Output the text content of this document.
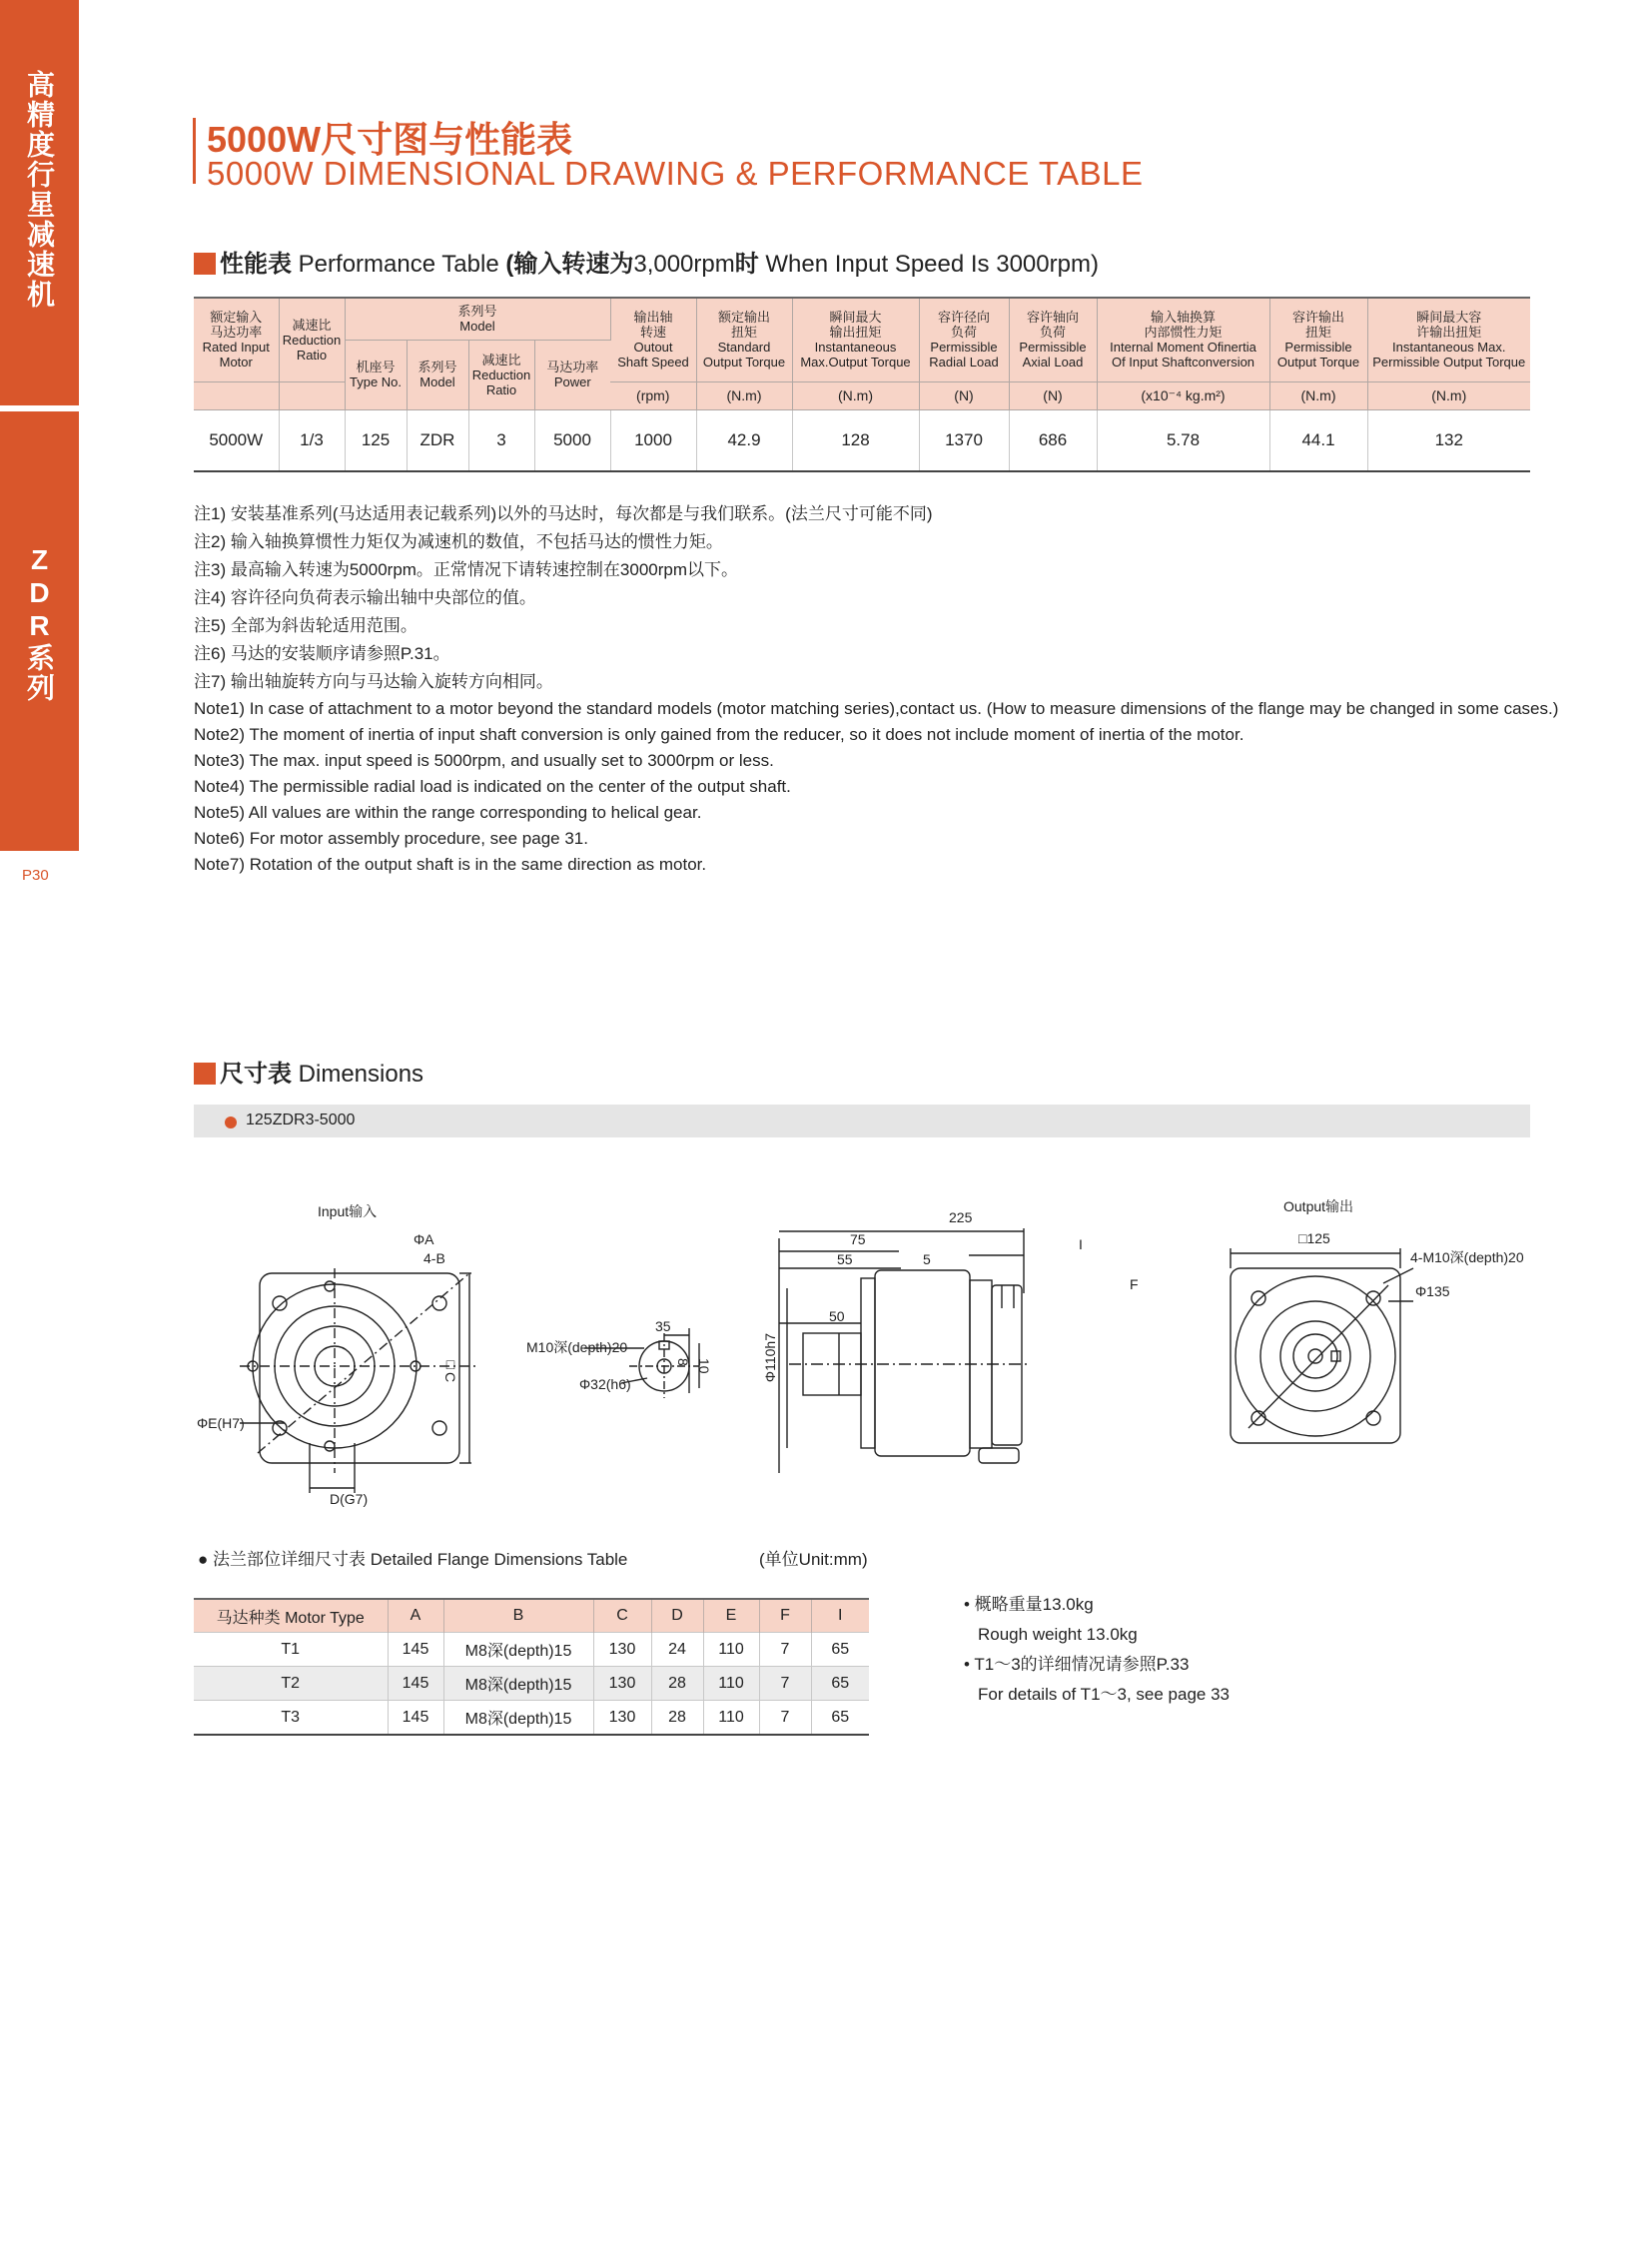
高精度行星减速机
ZDR系列
P30
5000W尺寸图与性能表
5000W DIMENSIONAL DRAWING & PERFORMANCE TABLE
性能表 Performance Table (输入转速为3,000rpm时 When Input Speed Is 3000rpm)
额定输入
马达功率
Rated Input
Motor	减速比
Reduction
Ratio	系列号
Model				输出轴
转速
Outout
Shaft Speed	额定输出
扭矩
Standard
Output Torque	瞬间最大
输出扭矩
Instantaneous
Max.Output Torque	容许径向
负荷
Permissible
Radial Load	容许轴向
负荷
Permissible
Axial Load	输入轴换算
内部惯性力矩
Internal Moment Ofinertia
Of Input Shaftconversion	容许输出
扭矩
Permissible
Output Torque	瞬间最大容
许输出扭矩
Instantaneous Max.
Permissible Output Torque
		机座号
Type No.	系列号
Model	减速比
Reduction
Ratio	马达功率
Power								
						(rpm)	(N.m)	(N.m)	(N)	(N)	(x10⁻⁴ kg.m²)	(N.m)	(N.m)
5000W	1/3	125	ZDR	3	5000	1000	42.9	128	1370	686	5.78	44.1	132
注1) 安装基准系列(马达适用表记载系列)以外的马达时，每次都是与我们联系。(法兰尺寸可能不同)
注2) 输入轴换算惯性力矩仅为减速机的数值，不包括马达的惯性力矩。
注3) 最高输入转速为5000rpm。正常情况下请转速控制在3000rpm以下。
注4) 容许径向负荷表示输出轴中央部位的值。
注5) 全部为斜齿轮适用范围。
注6) 马达的安装顺序请参照P.31。
注7) 输出轴旋转方向与马达输入旋转方向相同。
Note1) In case of attachment to a motor beyond the standard models (motor matching series),contact us. (How to measure dimensions of the flange may be changed in some cases.)
Note2) The moment of inertia of input shaft conversion is only gained from the reducer, so it does not include moment of inertia of the motor.
Note3) The max. input speed is 5000rpm, and usually set to 3000rpm or less.
Note4) The permissible radial load is indicated on the center of the output shaft.
Note5) All values are within the range corresponding to helical gear.
Note6) For motor assembly procedure, see page 31.
Note7) Rotation of the output shaft is in the same direction as motor.
尺寸表 Dimensions
125ZDR3-5000
Input输入
ΦA
4-B
□C
ΦE(H7)
D(G7)
M10深(depth)20
Φ32(h6)
35
10
8
225
75
55	5
50
I
F
Φ110h7
Output输出
□125
4-M10深(depth)20
Φ135
● 法兰部位详细尺寸表 Detailed Flange Dimensions Table	(单位Unit:mm)
马达种类 Motor Type	A	B	C	D	E	F	I
T1	145	M8深(depth)15	130	24	110	7	65
T2	145	M8深(depth)15	130	28	110	7	65
T3	145	M8深(depth)15	130	28	110	7	65
• 概略重量13.0kg
Rough weight 13.0kg
• T1～3的详细情况请参照P.33
For details of T1～3, see page 33
